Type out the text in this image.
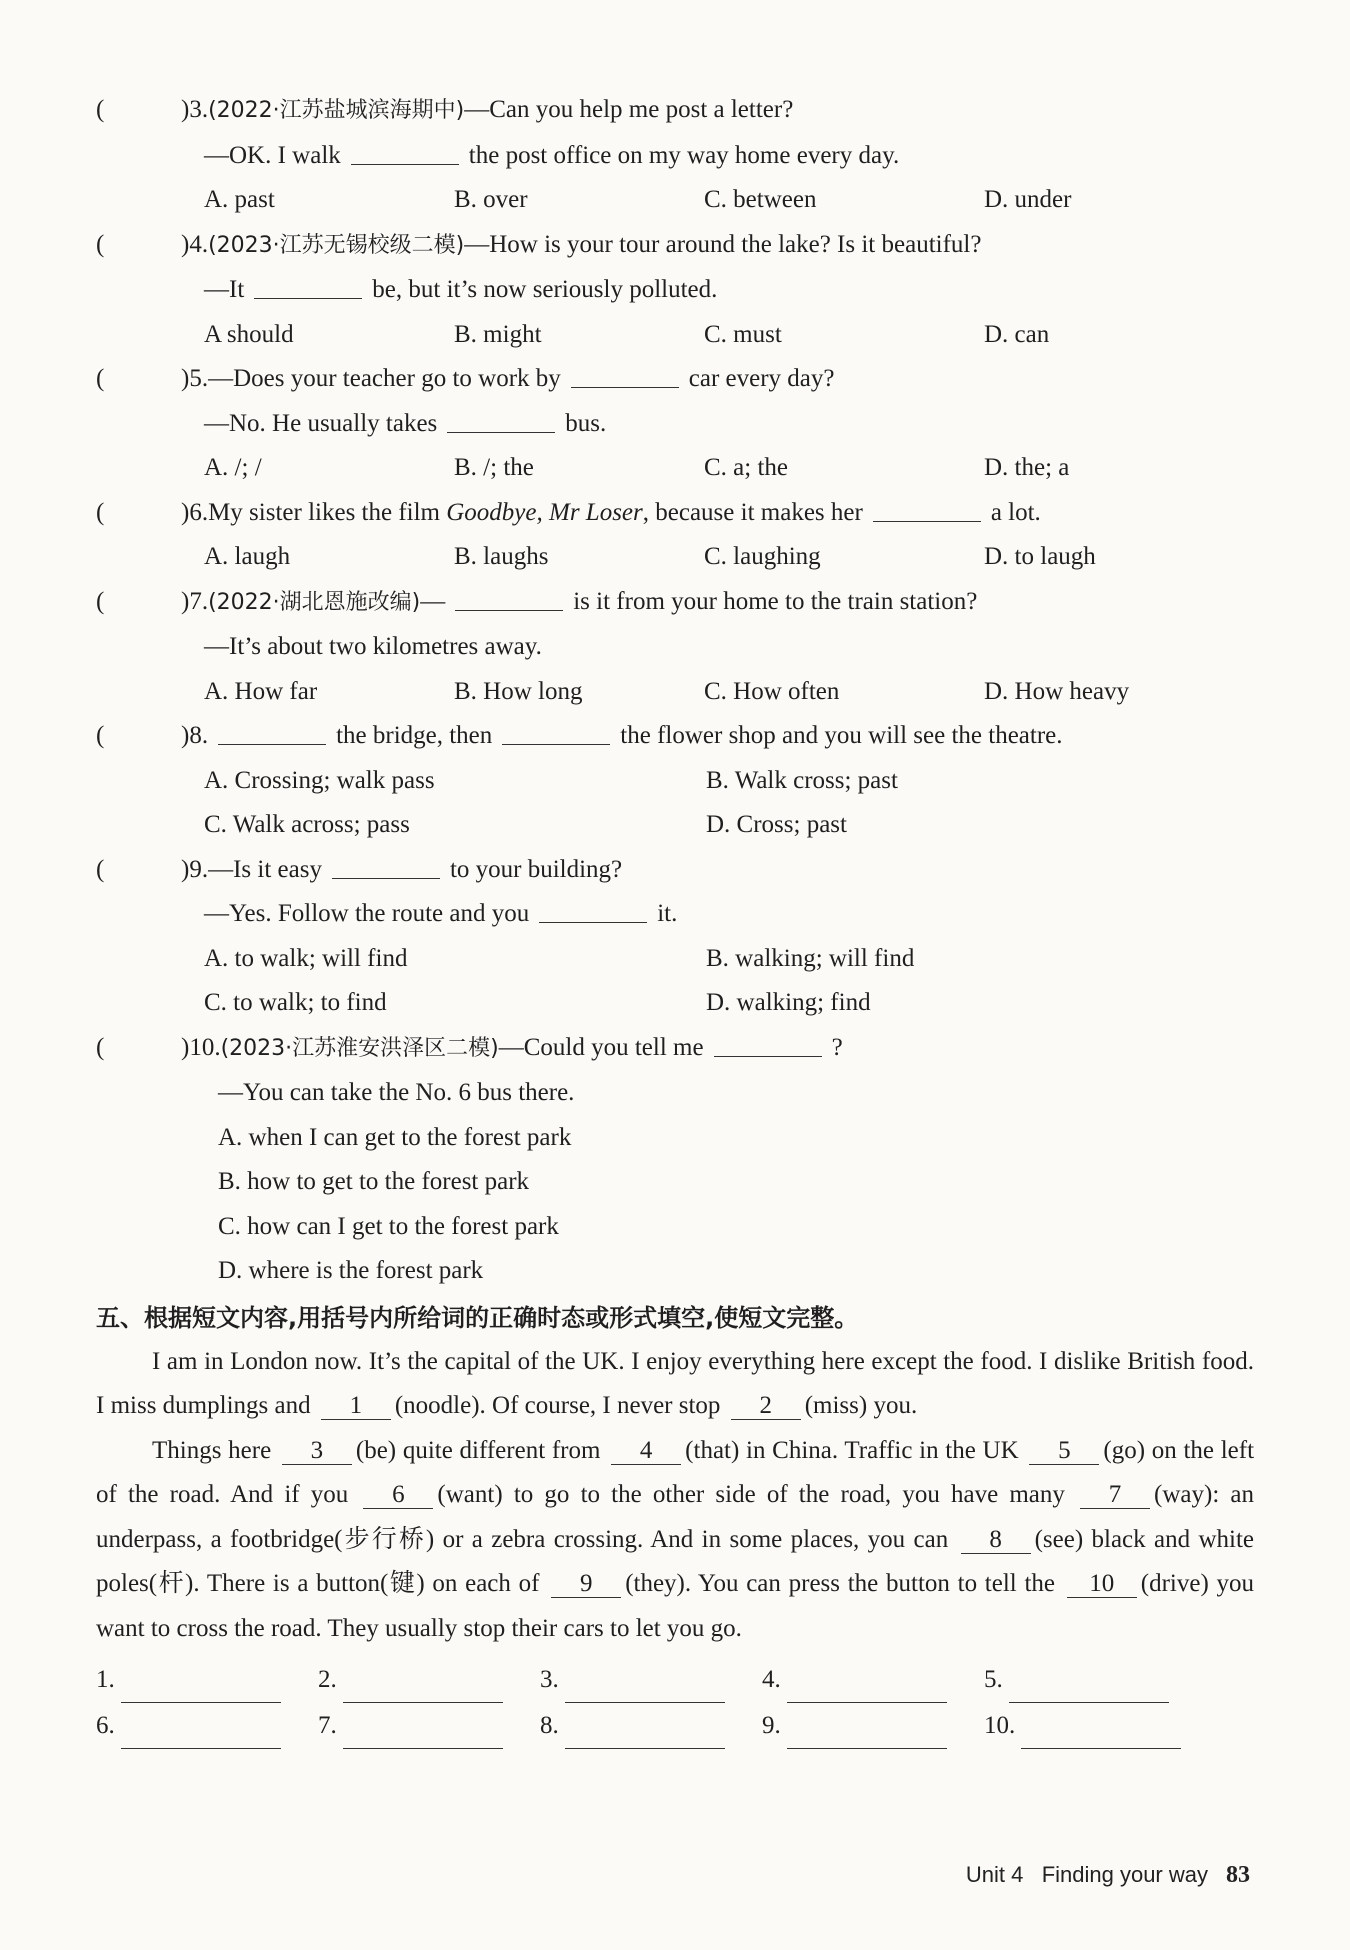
(	)3.(2022·江苏盐城滨海期中)—Can you help me post a letter?
—OK. I walk	the post office on my way home every day.
A. past	B. over	C. between	D. under
(	)4.(2023·江苏无锡校级二模)—How is your tour around the lake? Is it beautiful?
—It	be, but it’s now seriously polluted.
A should	B. might	C. must	D. can
(	)5.—Does your teacher go to work by	car every day?
—No. He usually takes	bus.
A. /; /	B. /; the	C. a; the	D. the; a
(	)6.My sister likes the film Goodbye, Mr Loser, because it makes her	a lot.
A. laugh	B. laughs	C. laughing	D. to laugh
(	)7.(2022·湖北恩施改编)—	is it from your home to the train station?
—It’s about two kilometres away.
A. How far	B. How long	C. How often	D. How heavy
(	)8.	the bridge, then	the flower shop and you will see the theatre.
A. Crossing; walk pass	B. Walk cross; past
C. Walk across; pass	D. Cross; past
(	)9.—Is it easy	to your building?
—Yes. Follow the route and you	it.
A. to walk; will find	B. walking; will find
C. to walk; to find	D. walking; find
(	)10.(2023·江苏淮安洪泽区二模)—Could you tell me	?
—You can take the No. 6 bus there.
A. when I can get to the forest park
B. how to get to the forest park
C. how can I get to the forest park
D. where is the forest park
五、根据短文内容,用括号内所给词的正确时态或形式填空,使短文完整。

I am in London now. It’s the capital of the UK. I enjoy everything here except the food. I dislike British food. I miss dumplings and 1 (noodle). Of course, I never stop 2 (miss) you.

Things here 3 (be) quite different from 4 (that) in China. Traffic in the UK 5 (go) on the left of the road. And if you 6 (want) to go to the other side of the road, you have many 7 (way): an underpass, a footbridge(步行桥) or a zebra crossing. And in some places, you can 8 (see) black and white poles(杆). There is a button(键) on each of 9 (they). You can press the button to tell the 10 (drive) you want to cross the road. They usually stop their cars to let you go.

1.	2.	3.	4.	5.
6.	7.	8.	9.	10.
Unit 4 Finding your way 83
